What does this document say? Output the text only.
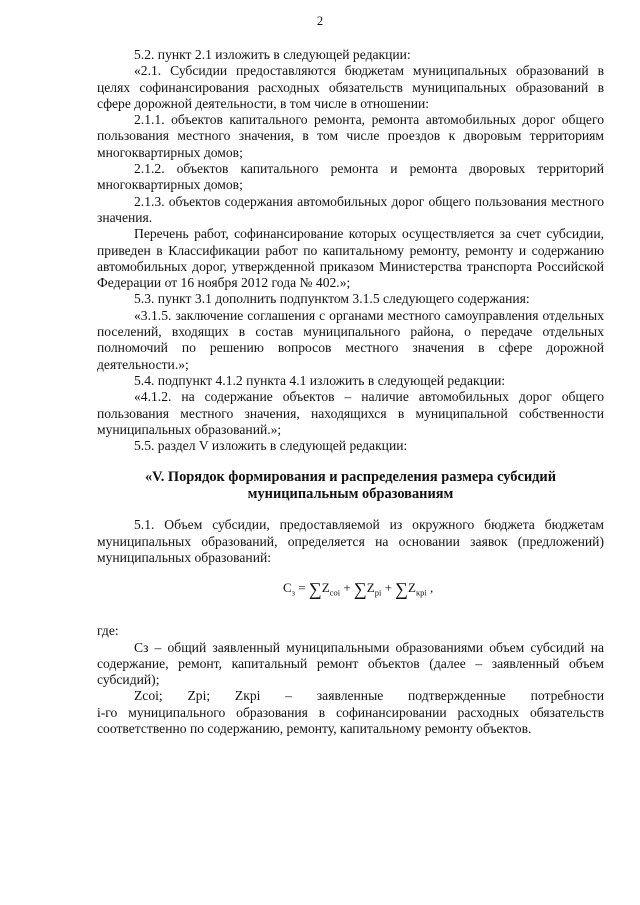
2

5.2. пункт 2.1 изложить в следующей редакции:

«2.1. Субсидии предоставляются бюджетам муниципальных образований в целях софинансирования расходных обязательств муниципальных образований в сфере дорожной деятельности, в том числе в отношении:

2.1.1. объектов капитального ремонта, ремонта автомобильных дорог общего пользования местного значения, в том числе проездов к дворовым территориям многоквартирных домов;

2.1.2. объектов капитального ремонта и ремонта дворовых территорий многоквартирных домов;

2.1.3. объектов содержания автомобильных дорог общего пользования местного значения.

Перечень работ, софинансирование которых осуществляется за счет субсидии, приведен в Классификации работ по капитальному ремонту, ремонту и содержанию автомобильных дорог, утвержденной приказом Министерства транспорта Российской Федерации от 16 ноября 2012 года № 402.»;

5.3. пункт 3.1 дополнить подпунктом 3.1.5 следующего содержания:

«3.1.5. заключение соглашения с органами местного самоуправления отдельных поселений, входящих в состав муниципального района, о передаче отдельных полномочий по решению вопросов местного значения в сфере дорожной деятельности.»;

5.4. подпункт 4.1.2 пункта 4.1 изложить в следующей редакции:

«4.1.2. на содержание объектов – наличие автомобильных дорог общего пользования местного значения, находящихся в муниципальной собственности муниципальных образований.»;

5.5. раздел V изложить в следующей редакции:

«V. Порядок формирования и распределения размера субсидий муниципальным образованиям

5.1. Объем субсидии, предоставляемой из окружного бюджета бюджетам муниципальных образований, определяется на основании заявок (предложений) муниципальных образований:

$C_з = \sum Z_{coi} + \sum Z_{pi} + \sum Z_{кpi}$ ,

где:

Cз – общий заявленный муниципальными образованиями объем субсидий на содержание, ремонт, капитальный ремонт объектов (далее – заявленный объем субсидий);

Zcoi; Zpi; Zкpi – заявленные подтвержденные потребности

i-го муниципального образования в софинансировании расходных обязательств соответственно по содержанию, ремонту, капитальному ремонту объектов.
